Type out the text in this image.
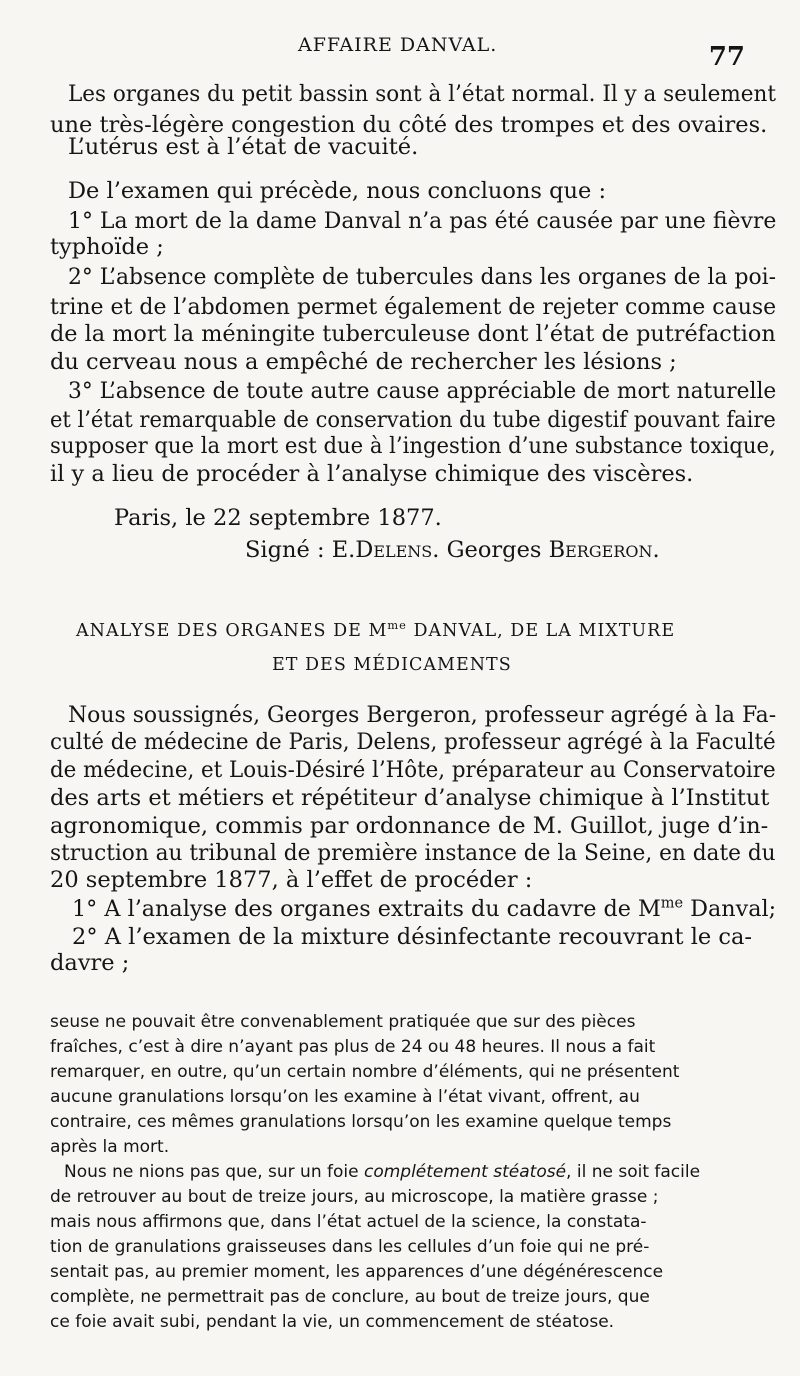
AFFAIRE DANVAL.	77
Les organes du petit bassin sont à l’état normal. Il y a seulement
une très-légère congestion du côté des trompes et des ovaires.
L’utérus est à l’état de vacuité.
De l’examen qui précède, nous concluons que :
1° La mort de la dame Danval n’a pas été causée par une fièvre
typhoïde ;
2° L’absence complète de tubercules dans les organes de la poi-
trine et de l’abdomen permet également de rejeter comme cause
de la mort la méningite tuberculeuse dont l’état de putréfaction
du cerveau nous a empêché de rechercher les lésions ;
3° L’absence de toute autre cause appréciable de mort naturelle
et l’état remarquable de conservation du tube digestif pouvant faire
supposer que la mort est due à l’ingestion d’une substance toxique,
il y a lieu de procéder à l’analyse chimique des viscères.
Paris, le 22 septembre 1877.
Signé : E.Delens. Georges Bergeron.
ANALYSE DES ORGANES DE $M^{me}$ DANVAL, DE LA MIXTURE
ET DES MÉDICAMENTS
Nous soussignés, Georges Bergeron, professeur agrégé à la Fa-
culté de médecine de Paris, Delens, professeur agrégé à la Faculté
de médecine, et Louis-Désiré l’Hôte, préparateur au Conservatoire
des arts et métiers et répétiteur d’analyse chimique à l’Institut
agronomique, commis par ordonnance de M. Guillot, juge d’in-
struction au tribunal de première instance de la Seine, en date du
20 septembre 1877, à l’effet de procéder :
1° A l’analyse des organes extraits du cadavre de $M^{me}$ Danval;
2° A l’examen de la mixture désinfectante recouvrant le ca-
davre ;
seuse ne pouvait être convenablement pratiquée que sur des pièces
fraîches, c’est à dire n’ayant pas plus de 24 ou 48 heures. Il nous a fait
remarquer, en outre, qu’un certain nombre d’éléments, qui ne présentent
aucune granulations lorsqu’on les examine à l’état vivant, offrent, au
contraire, ces mêmes granulations lorsqu’on les examine quelque temps
après la mort.
Nous ne nions pas que, sur un foie complétement stéatosé, il ne soit facile
de retrouver au bout de treize jours, au microscope, la matière grasse ;
mais nous affirmons que, dans l’état actuel de la science, la constata-
tion de granulations graisseuses dans les cellules d’un foie qui ne pré-
sentait pas, au premier moment, les apparences d’une dégénérescence
complète, ne permettrait pas de conclure, au bout de treize jours, que
ce foie avait subi, pendant la vie, un commencement de stéatose.
